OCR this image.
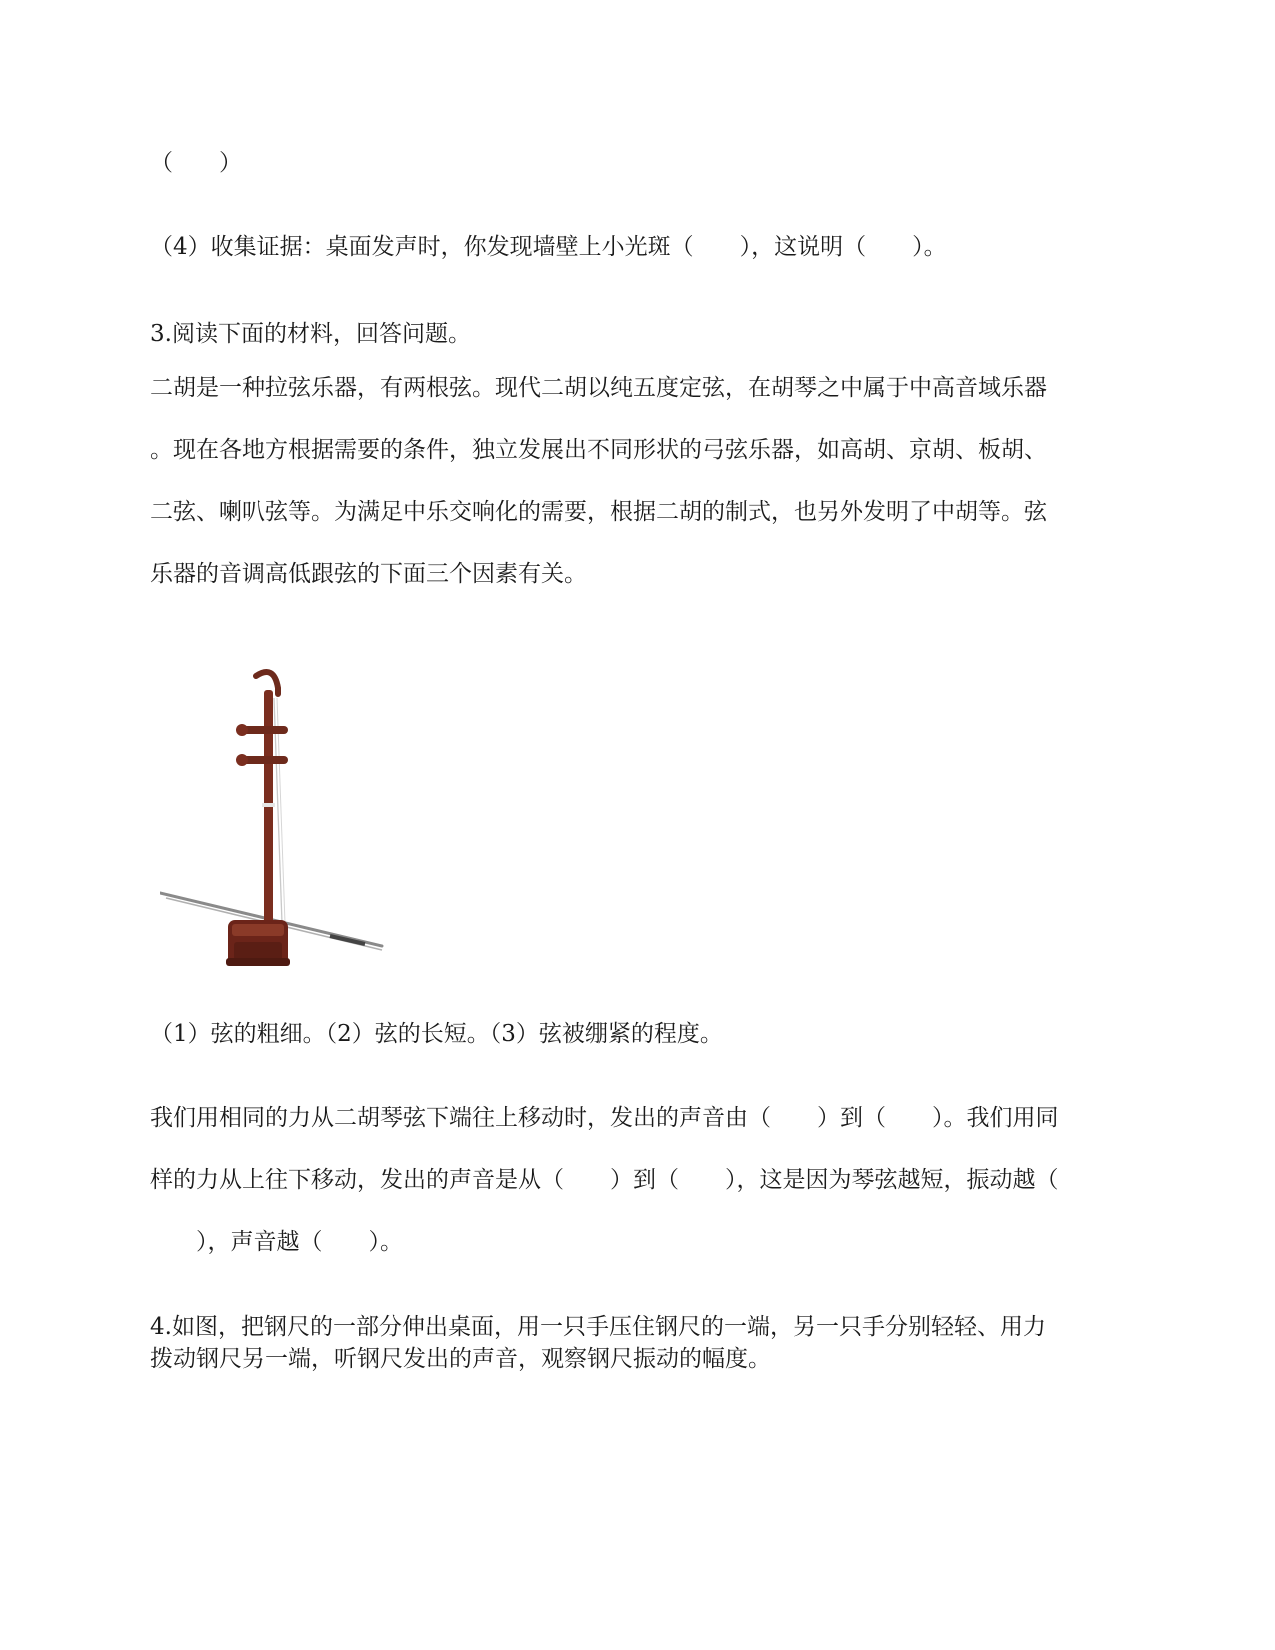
（　　）

（4）收集证据：桌面发声时，你发现墙壁上小光斑（　　），这说明（　　）。

3.阅读下面的材料，回答问题。

二胡是一种拉弦乐器，有两根弦。现代二胡以纯五度定弦，在胡琴之中属于中高音域乐器

。现在各地方根据需要的条件，独立发展出不同形状的弓弦乐器，如高胡、京胡、板胡、

二弦、喇叭弦等。为满足中乐交响化的需要，根据二胡的制式，也另外发明了中胡等。弦

乐器的音调高低跟弦的下面三个因素有关。

（1）弦的粗细。（2）弦的长短。（3）弦被绷紧的程度。

我们用相同的力从二胡琴弦下端往上移动时，发出的声音由（　　）到（　　）。我们用同

样的力从上往下移动，发出的声音是从（　　）到（　　），这是因为琴弦越短，振动越（

　　），声音越（　　）。

4.如图，把钢尺的一部分伸出桌面，用一只手压住钢尺的一端，另一只手分别轻轻、用力

拨动钢尺另一端，听钢尺发出的声音，观察钢尺振动的幅度。
